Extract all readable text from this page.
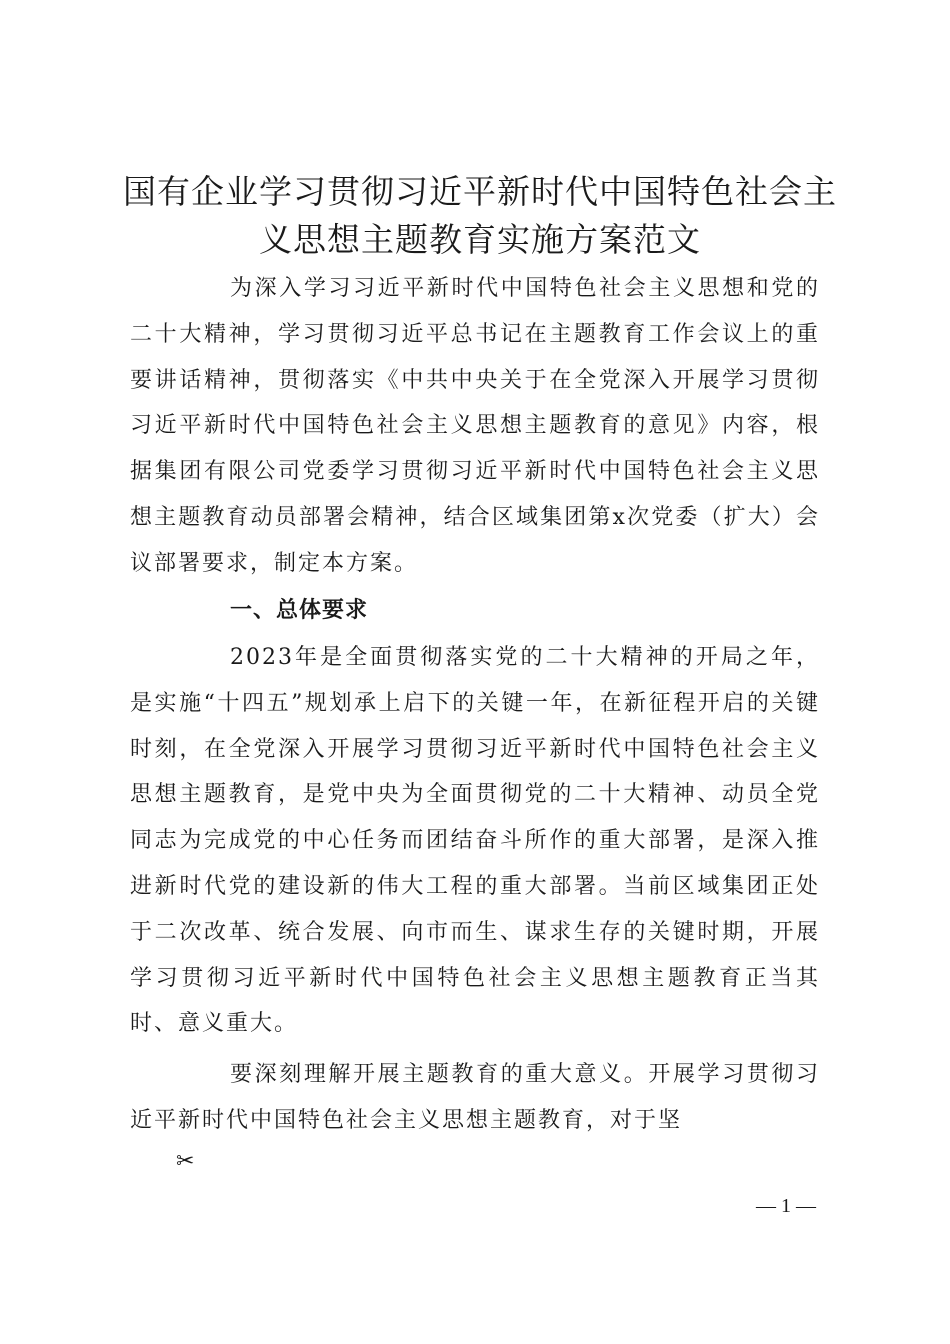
国有企业学习贯彻习近平新时代中国特色社会主义思想主题教育实施方案范文

为深入学习习近平新时代中国特色社会主义思想和党的二十大精神，学习贯彻习近平总书记在主题教育工作会议上的重要讲话精神，贯彻落实《中共中央关于在全党深入开展学习贯彻习近平新时代中国特色社会主义思想主题教育的意见》内容，根据集团有限公司党委学习贯彻习近平新时代中国特色社会主义思想主题教育动员部署会精神，结合区域集团第x次党委（扩大）会议部署要求，制定本方案。

一、总体要求

2023年是全面贯彻落实党的二十大精神的开局之年，是实施“十四五”规划承上启下的关键一年，在新征程开启的关键时刻，在全党深入开展学习贯彻习近平新时代中国特色社会主义思想主题教育，是党中央为全面贯彻党的二十大精神、动员全党同志为完成党的中心任务而团结奋斗所作的重大部署，是深入推进新时代党的建设新的伟大工程的重大部署。当前区域集团正处于二次改革、统合发展、向市而生、谋求生存的关键时期，开展学习贯彻习近平新时代中国特色社会主义思想主题教育正当其时、意义重大。

要深刻理解开展主题教育的重大意义。开展学习贯彻习近平新时代中国特色社会主义思想主题教育，对于坚

✂
— 1 —
